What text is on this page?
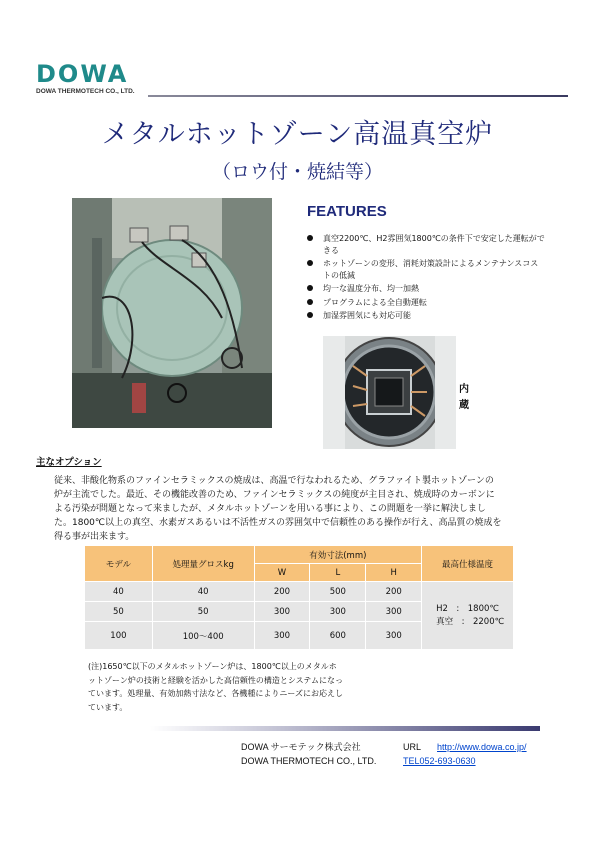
DOWA
DOWA THERMOTECH CO., LTD.
メタルホットゾーン高温真空炉
（ロウ付・焼結等）
FEATURES
真空2200℃、H2雰囲気1800℃の条件下で安定した運転ができる
ホットゾーンの変形、消耗対策設計によるメンテナンスコストの低減
均一な温度分布、均一加熱
プログラムによる全自動運転
加湿雰囲気にも対応可能
内
蔵
主なオプション

従来、非酸化物系のファインセラミックスの焼成は、高温で行なわれるため、グラファイト製ホットゾーンの炉が主流でした。最近、その機能改善のため、ファインセラミックスの純度が主目され、焼成時のカーボンによる汚染が問題となって来ましたが、メタルホットゾーンを用いる事により、この問題を一挙に解決しました。1800℃以上の真空、水素ガスあるいは不活性ガスの雰囲気中で信頼性のある操作が行え、高品質の焼成を得る事が出来ます。

モデル	処理量グロスkg	有効寸法(mm)			最高仕様温度
		W	L	H	
40	40	200	500	200	H2　:　1800℃
真空　:　2200℃

50	50	300	300	300	
100	100～400	300	600	300	
(注)1650℃以下のメタルホットゾーン炉は、1800℃以上のメタルホットゾーン炉の技術と経験を活かした高信頼性の構造とシステムになっています。処理量、有効加熱寸法など、各機種によりニーズにお応えしています。
DOWA サーモテック株式会社
DOWA THERMOTECH CO., LTD.
URL http://www.dowa.co.jp/
TEL052-693-0630
